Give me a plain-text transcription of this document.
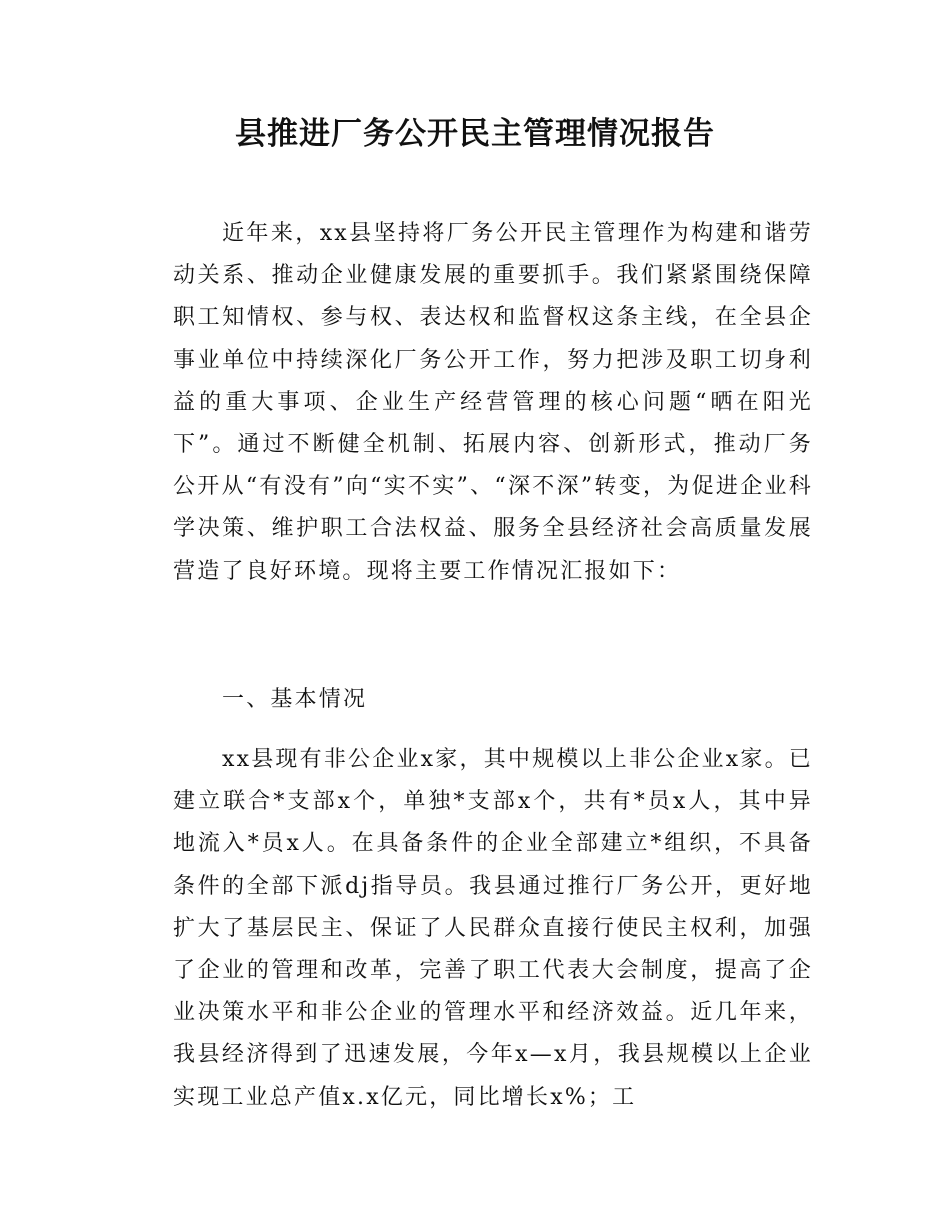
县推进厂务公开民主管理情况报告

近年来，xx县坚持将厂务公开民主管理作为构建和谐劳动关系、推动企业健康发展的重要抓手。我们紧紧围绕保障职工知情权、参与权、表达权和监督权这条主线，在全县企事业单位中持续深化厂务公开工作，努力把涉及职工切身利益的重大事项、企业生产经营管理的核心问题“晒在阳光下”。通过不断健全机制、拓展内容、创新形式，推动厂务公开从“有没有”向“实不实”、“深不深”转变，为促进企业科学决策、维护职工合法权益、服务全县经济社会高质量发展营造了良好环境。现将主要工作情况汇报如下：

一、基本情况

xx县现有非公企业x家，其中规模以上非公企业x家。已建立联合*支部x个，单独*支部x个，共有*员x人，其中异地流入*员x人。在具备条件的企业全部建立*组织，不具备条件的全部下派dj指导员。我县通过推行厂务公开，更好地扩大了基层民主、保证了人民群众直接行使民主权利，加强了企业的管理和改革，完善了职工代表大会制度，提高了企业决策水平和非公企业的管理水平和经济效益。近几年来，我县经济得到了迅速发展，今年x—x月，我县规模以上企业实现工业总产值x.x亿元，同比增长x%；工
